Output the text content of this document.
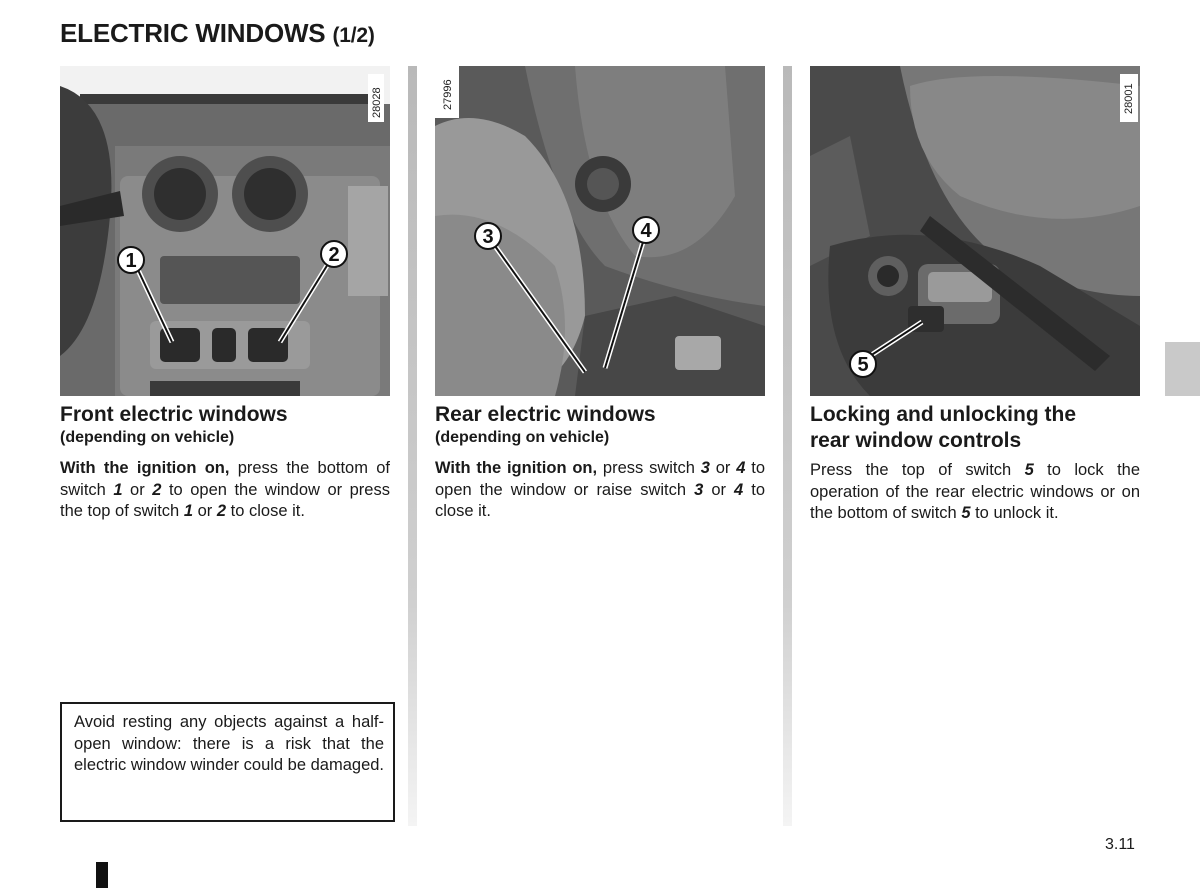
ELECTRIC WINDOWS (1/2)
28028
1	2
27996
3	4
28001
5
Front electric windows
(depending on vehicle)

With the ignition on, press the bottom of switch 1 or 2 to open the window or press the top of switch 1 or 2 to close it.

Rear electric windows
(depending on vehicle)

With the ignition on, press switch 3 or 4 to open the window or raise switch 3 or 4 to close it.

Locking and unlocking the
rear window controls

Press the top of switch 5 to lock the operation of the rear electric windows or on the bottom of switch 5 to unlock it.

Avoid resting any objects against a half-open window: there is a risk that the electric window winder could be damaged.
3.11
